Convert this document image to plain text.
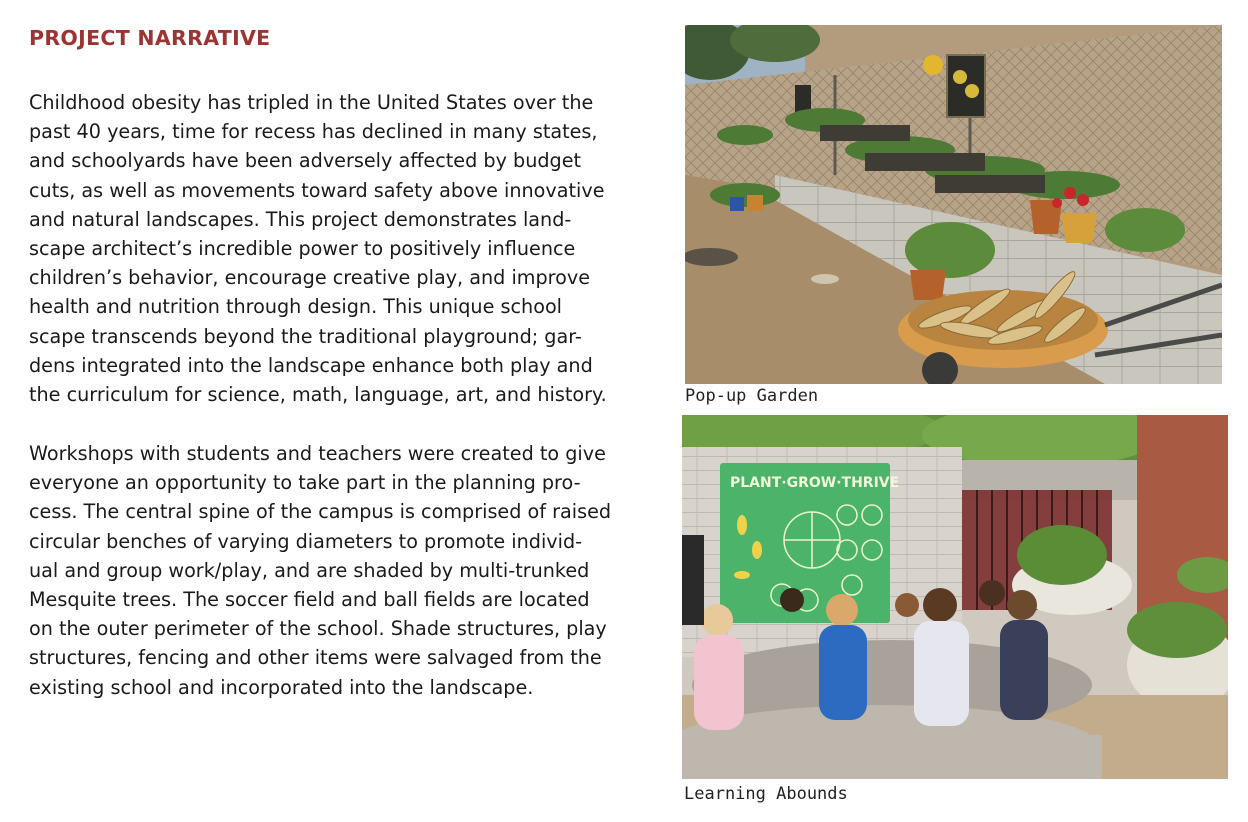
PROJECT NARRATIVE
Childhood obesity has tripled in the United States over the
past 40 years, time for recess has declined in many states,
and schoolyards have been adversely affected by budget
cuts, as well as movements toward safety above innovative
and natural landscapes. This project demonstrates land-
scape architect’s incredible power to positively influence
children’s behavior, encourage creative play, and improve
health and nutrition through design. This unique school
scape transcends beyond the traditional playground; gar-
dens integrated into the landscape enhance both play and
the curriculum for science, math, language, art, and history.
Workshops with students and teachers were created to give
everyone an opportunity to take part in the planning pro-
cess. The central spine of the campus is comprised of raised
circular benches of varying diameters to promote individ-
ual and group work/play, and are shaded by multi-trunked
Mesquite trees. The soccer field and ball fields are located
on the outer perimeter of the school. Shade structures, play
structures, fencing and other items were salvaged from the
existing school and incorporated into the landscape.

Pop-up Garden

PLANT·GROW·THRIVE

Learning Abounds
